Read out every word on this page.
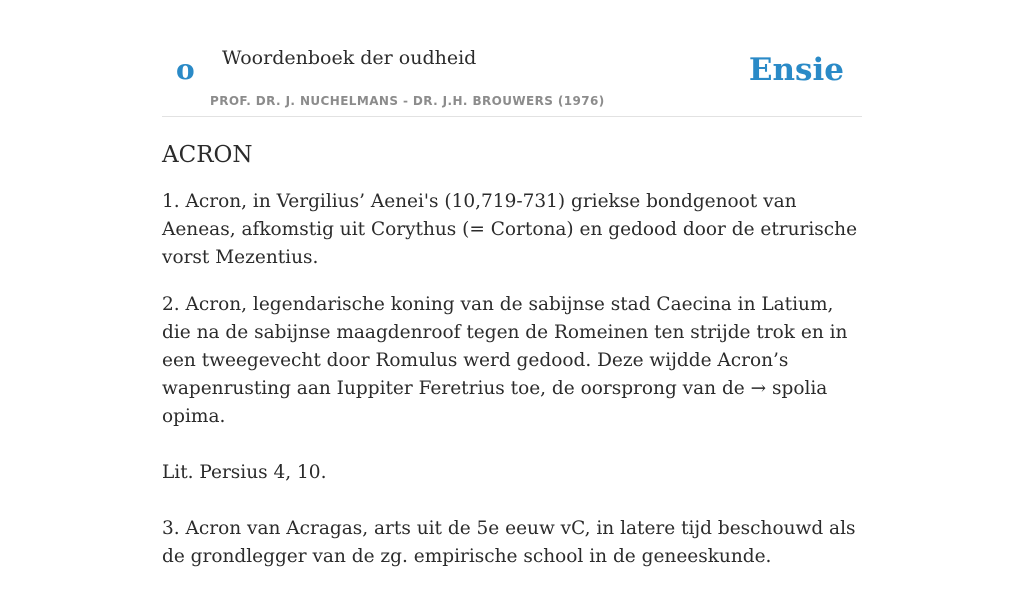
o Woordenboek der oudheid
PROF. DR. J. NUCHELMANS - DR. J.H. BROUWERS (1976)
Ensie
ACRON

1. Acron, in Vergilius’ Aenei's (10,719-731) griekse bondgenoot van Aeneas, afkomstig uit Corythus (= Cortona) en gedood door de etrurische vorst Mezentius.

2. Acron, legendarische koning van de sabijnse stad Caecina in Latium, die na de sabijnse maagdenroof tegen de Romeinen ten strijde trok en in een tweegevecht door Romulus werd gedood. Deze wijdde Acron’s wapenrusting aan Iuppiter Feretrius toe, de oorsprong van de → spolia opima.

Lit. Persius 4, 10.

3. Acron van Acragas, arts uit de 5e eeuw vC, in latere tijd beschouwd als de grondlegger van de zg. empirische school in de geneeskunde.
